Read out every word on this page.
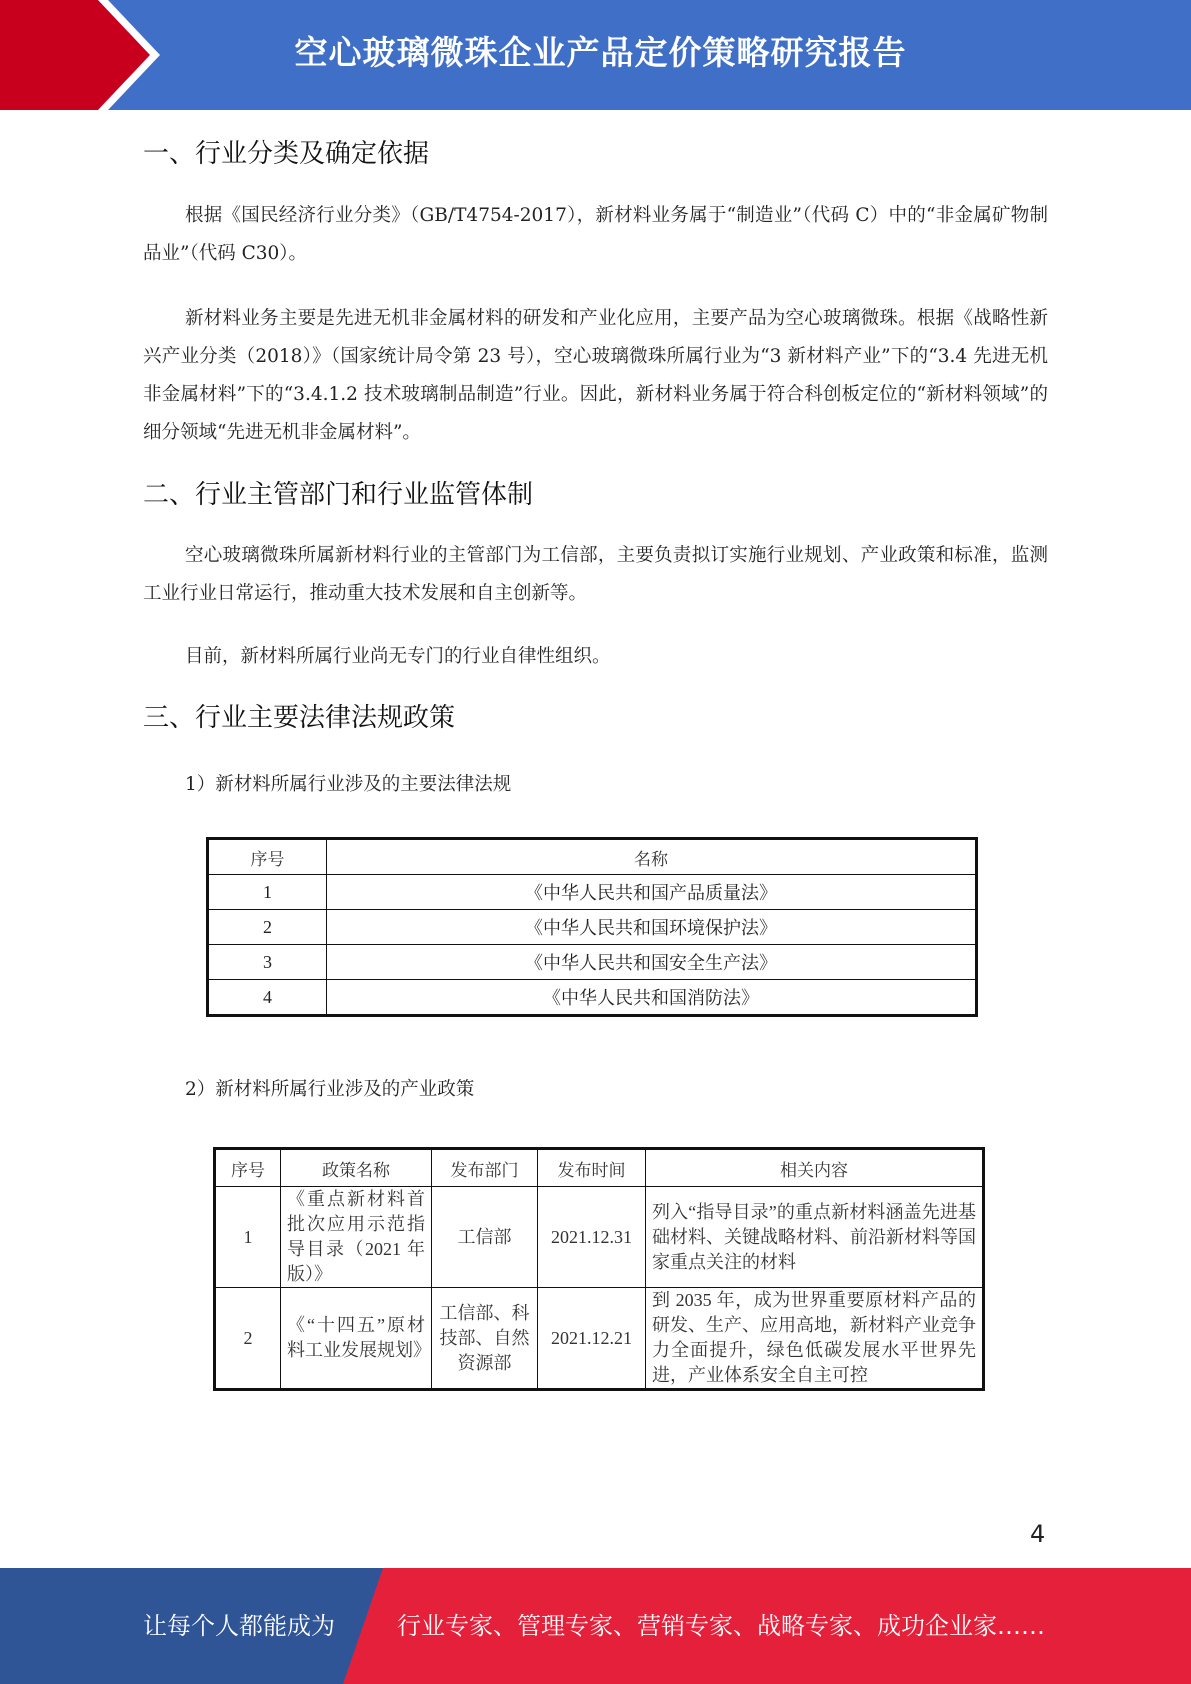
空心玻璃微珠企业产品定价策略研究报告
一、行业分类及确定依据

根据《国民经济行业分类》（GB/T4754-2017），新材料业务属于“制造业”（代码 C）中的“非金属矿物制品业”（代码 C30）。

新材料业务主要是先进无机非金属材料的研发和产业化应用，主要产品为空心玻璃微珠。根据《战略性新兴产业分类（2018）》（国家统计局令第 23 号），空心玻璃微珠所属行业为“3 新材料产业”下的“3.4 先进无机非金属材料”下的“3.4.1.2 技术玻璃制品制造”行业。因此，新材料业务属于符合科创板定位的“新材料领域”的细分领域“先进无机非金属材料”。

二、行业主管部门和行业监管体制

空心玻璃微珠所属新材料行业的主管部门为工信部，主要负责拟订实施行业规划、产业政策和标准，监测工业行业日常运行，推动重大技术发展和自主创新等。

目前，新材料所属行业尚无专门的行业自律性组织。

三、行业主要法律法规政策
1）新材料所属行业涉及的主要法律法规
序号	名称
1	《中华人民共和国产品质量法》
2	《中华人民共和国环境保护法》
3	《中华人民共和国安全生产法》
4	《中华人民共和国消防法》
2）新材料所属行业涉及的产业政策
序号	政策名称	发布部门	发布时间	相关内容
1	《重点新材料首批次应用示范指导目录（2021 年版）》	工信部	2021.12.31	列入“指导目录”的重点新材料涵盖先进基础材料、关键战略材料、前沿新材料等国家重点关注的材料
2	《“十四五”原材料工业发展规划》	工信部、科技部、自然资源部	2021.12.21	到 2035 年，成为世界重要原材料产品的研发、生产、应用高地，新材料产业竞争力全面提升，绿色低碳发展水平世界先进，产业体系安全自主可控
4
让每个人都能成为	行业专家、管理专家、营销专家、战略专家、成功企业家……
